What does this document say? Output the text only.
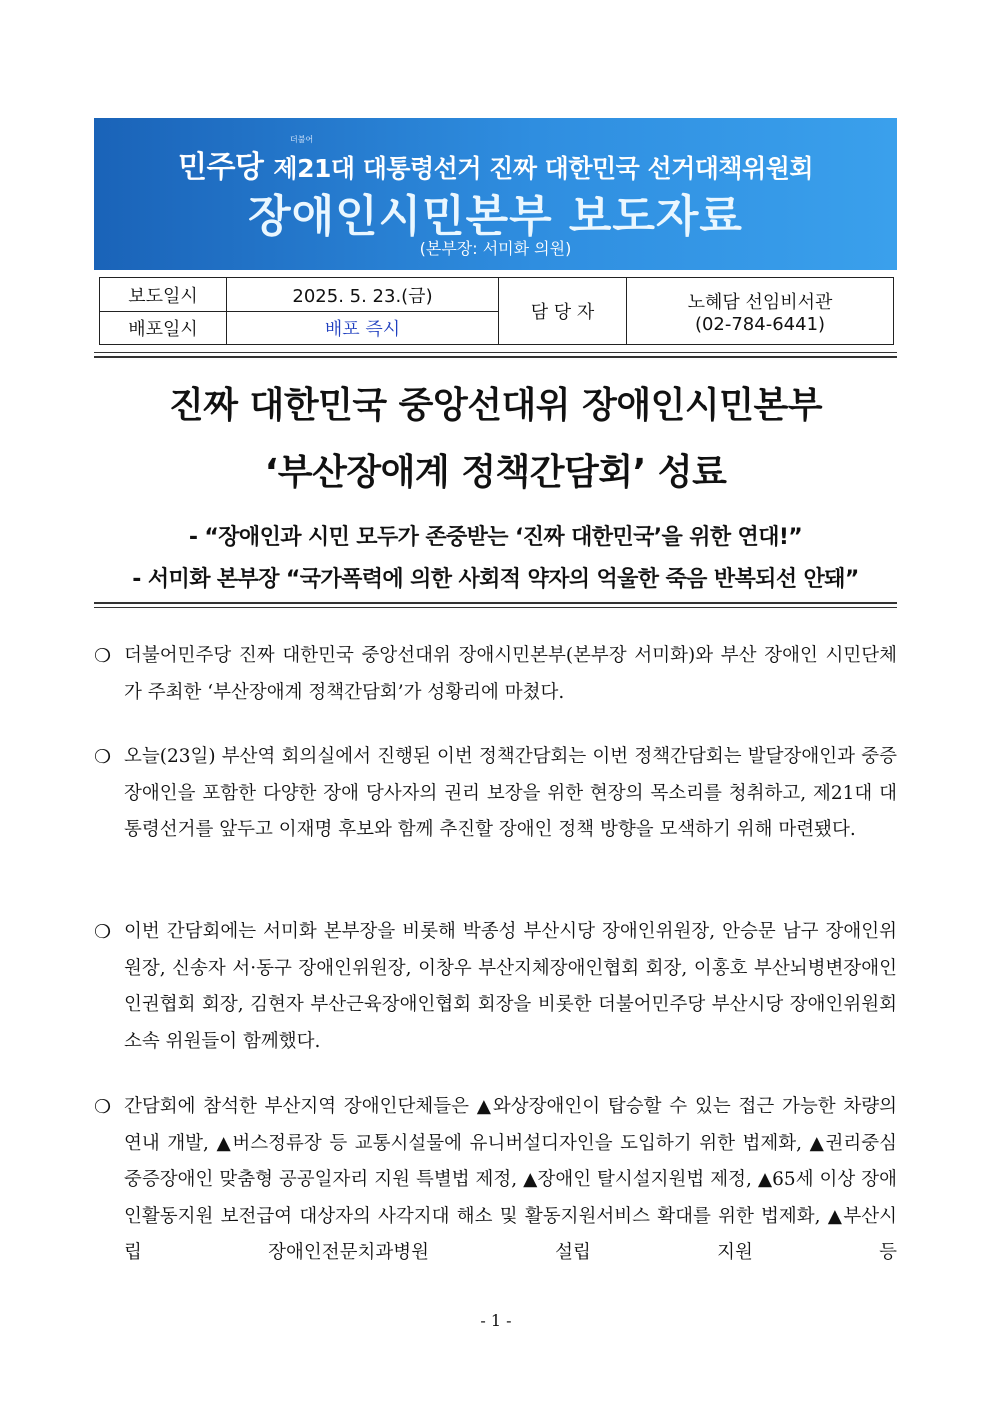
더불어
민주당 제21대 대통령선거 진짜 대한민국 선거대책위원회
장애인시민본부 보도자료
(본부장: 서미화 의원)
보도일시	2025. 5. 23.(금)	담 당 자	노혜담 선임비서관
(02-784-6441)

배포일시	배포 즉시		
진짜 대한민국 중앙선대위 장애인시민본부
‘부산장애계 정책간담회’ 성료
- “장애인과 시민 모두가 존중받는 ‘진짜 대한민국’을 위한 연대!”
- 서미화 본부장 “국가폭력에 의한 사회적 약자의 억울한 죽음 반복되선 안돼”
❍ 더불어민주당 진짜 대한민국 중앙선대위 장애시민본부(본부장 서미화)와 부산 장애인 시민단체가 주최한 ‘부산장애계 정책간담회’가 성황리에 마쳤다.
❍ 오늘(23일) 부산역 회의실에서 진행된 이번 정책간담회는 이번 정책간담회는 발달장애인과 중증장애인을 포함한 다양한 장애 당사자의 권리 보장을 위한 현장의 목소리를 청취하고, 제21대 대통령선거를 앞두고 이재명 후보와 함께 추진할 장애인 정책 방향을 모색하기 위해 마련됐다.
❍ 이번 간담회에는 서미화 본부장을 비롯해 박종성 부산시당 장애인위원장, 안승문 남구 장애인위원장, 신송자 서·동구 장애인위원장, 이창우 부산지체장애인협회 회장, 이홍호 부산뇌병변장애인인권협회 회장, 김현자 부산근육장애인협회 회장을 비롯한 더불어민주당 부산시당 장애인위원회 소속 위원들이 함께했다.
❍ 간담회에 참석한 부산지역 장애인단체들은 ▲와상장애인이 탑승할 수 있는 접근 가능한 차량의 연내 개발, ▲버스정류장 등 교통시설물에 유니버설디자인을 도입하기 위한 법제화, ▲권리중심 중증장애인 맞춤형 공공일자리 지원 특별법 제정, ▲장애인 탈시설지원법 제정, ▲65세 이상 장애인활동지원 보전급여 대상자의 사각지대 해소 및 활동지원서비스 확대를 위한 법제화, ▲부산시립 장애인전문치과병원 설립 지원 등
- 1 -
